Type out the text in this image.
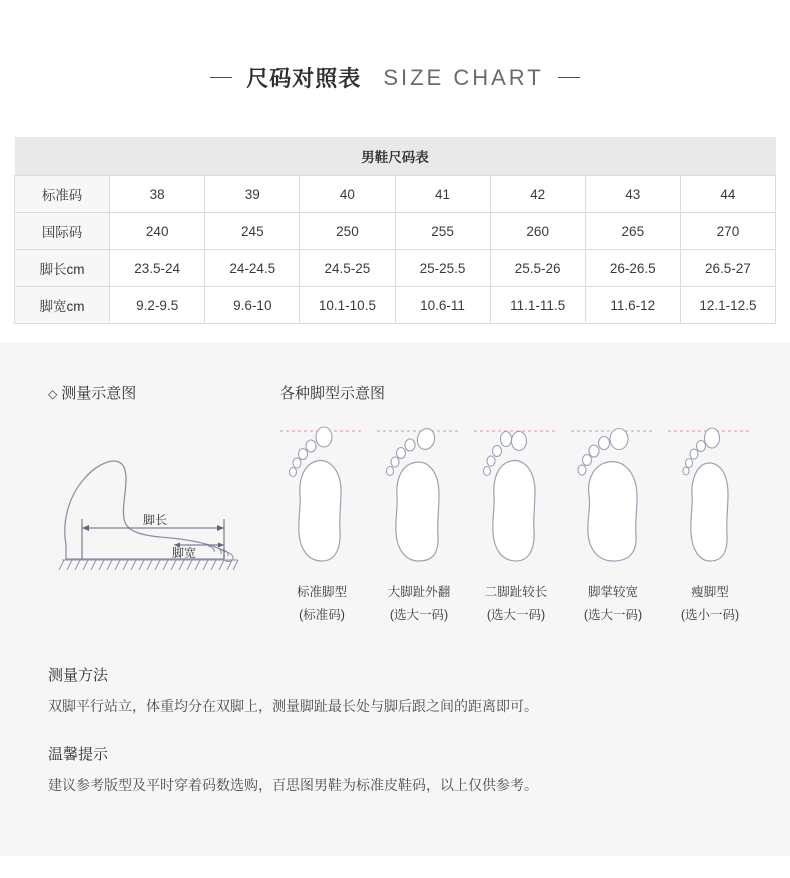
尺码对照表 SIZE CHART
男鞋尺码表							
标准码	38	39	40	41	42	43	44
国际码	240	245	250	255	260	265	270
脚长cm	23.5-24	24-24.5	24.5-25	25-25.5	25.5-26	26-26.5	26.5-27
脚宽cm	9.2-9.5	9.6-10	10.1-10.5	10.6-11	11.1-11.5	11.6-12	12.1-12.5
◇ 测量示意图
脚长
脚宽
各种脚型示意图
标准脚型
(标准码)
大脚趾外翻
(选大一码)
二脚趾较长
(选大一码)
脚掌较宽
(选大一码)
瘦脚型
(选小一码)
测量方法
双脚平行站立，体重均分在双脚上，测量脚趾最长处与脚后跟之间的距离即可。
温馨提示
建议参考版型及平时穿着码数选购，百思图男鞋为标准皮鞋码，以上仅供参考。
